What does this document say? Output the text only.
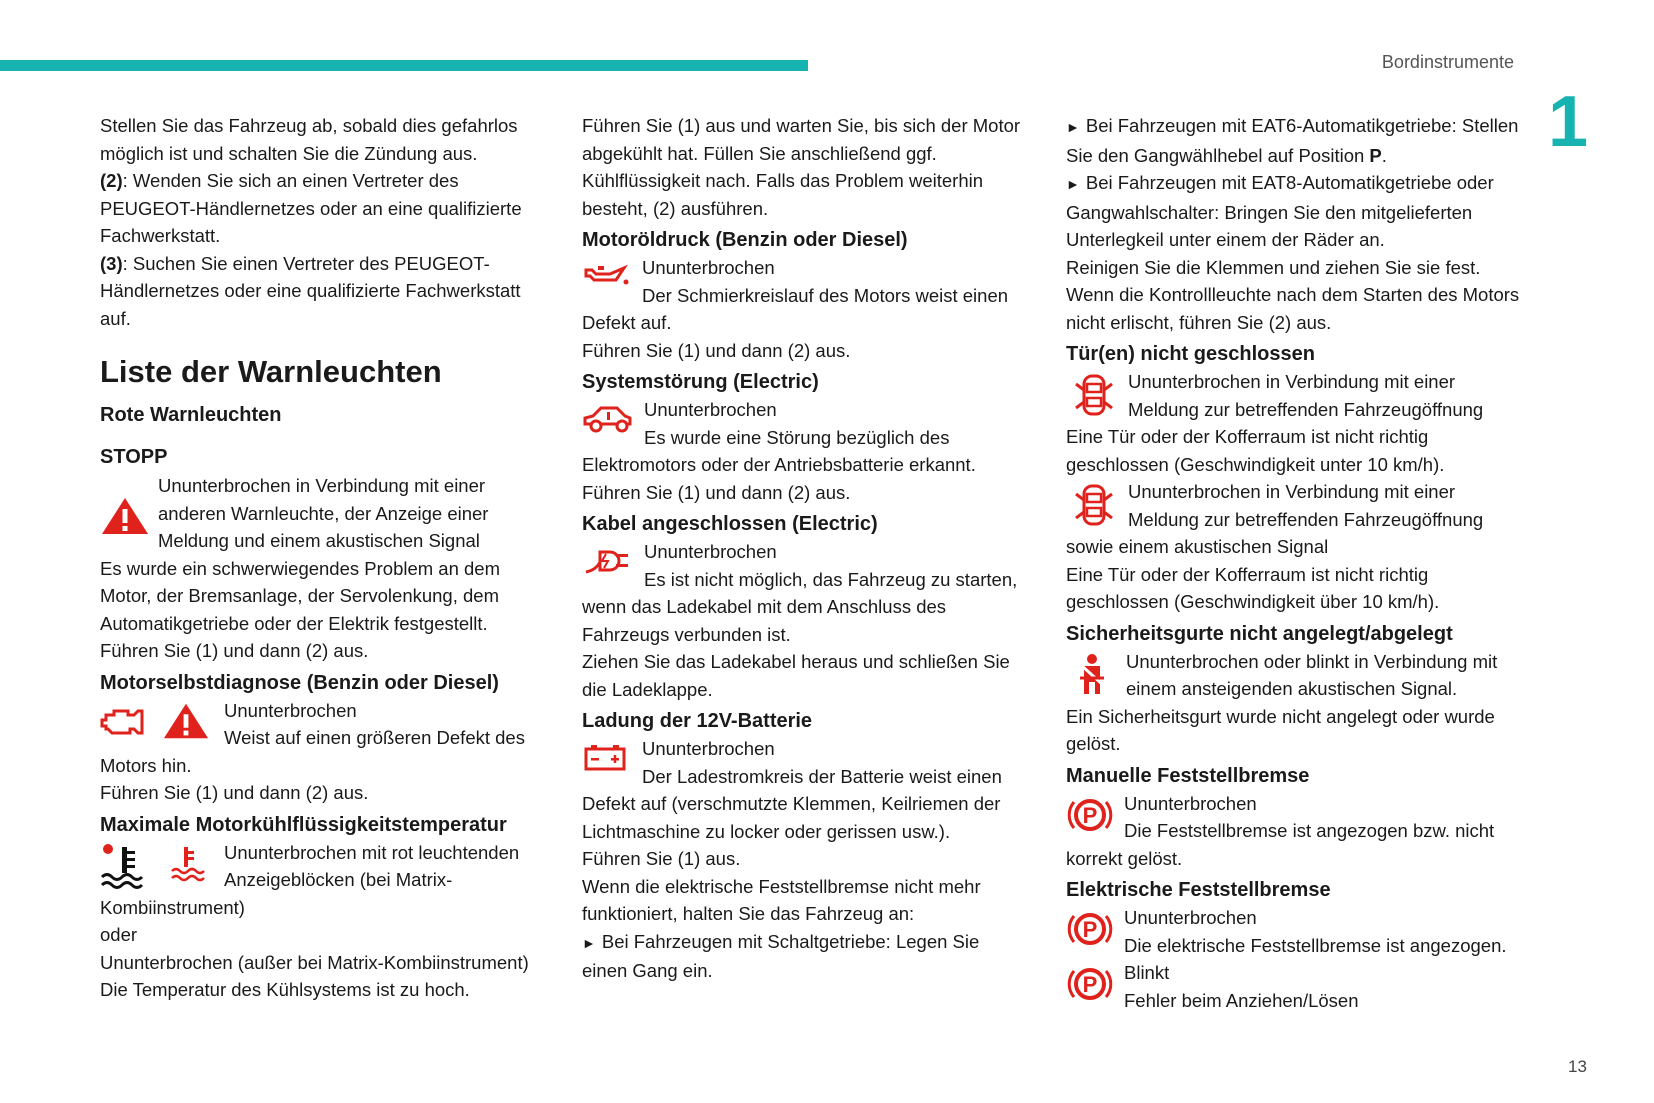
Bordinstrumente
1
13

Stellen Sie das Fahrzeug ab, sobald dies gefahrlos möglich ist und schalten Sie die Zündung aus.

(2): Wenden Sie sich an einen Vertreter des PEUGEOT-Händlernetzes oder an eine qualifizierte Fachwerkstatt.

(3): Suchen Sie einen Vertreter des PEUGEOT-Händlernetzes oder eine qualifizierte Fachwerkstatt auf.

Liste der Warnleuchten
Rote Warnleuchten
STOPP

Ununterbrochen in Verbindung mit einer anderen Warnleuchte, der Anzeige einer Meldung und einem akustischen Signal

Es wurde ein schwerwiegendes Problem an dem Motor, der Bremsanlage, der Servolenkung, dem Automatikgetriebe oder der Elektrik festgestellt.

Führen Sie (1) und dann (2) aus.

Motorselbstdiagnose (Benzin oder Diesel)

Ununterbrochen

Weist auf einen größeren Defekt des Motors hin.

Führen Sie (1) und dann (2) aus.

Maximale Motorkühlflüssigkeitstemperatur

Ununterbrochen mit rot leuchtenden Anzeigeblöcken (bei Matrix-Kombiinstrument)

oder

Ununterbrochen (außer bei Matrix-Kombiinstrument)

Die Temperatur des Kühlsystems ist zu hoch.

Führen Sie (1) aus und warten Sie, bis sich der Motor abgekühlt hat. Füllen Sie anschließend ggf. Kühlflüssigkeit nach. Falls das Problem weiterhin besteht, (2) ausführen.

Motoröldruck (Benzin oder Diesel)

Ununterbrochen

Der Schmierkreislauf des Motors weist einen Defekt auf.

Führen Sie (1) und dann (2) aus.

Systemstörung (Electric)

Ununterbrochen

Es wurde eine Störung bezüglich des Elektromotors oder der Antriebsbatterie erkannt.

Führen Sie (1) und dann (2) aus.

Kabel angeschlossen (Electric)

Ununterbrochen

Es ist nicht möglich, das Fahrzeug zu starten, wenn das Ladekabel mit dem Anschluss des Fahrzeugs verbunden ist.

Ziehen Sie das Ladekabel heraus und schließen Sie die Ladeklappe.

Ladung der 12V-Batterie

Ununterbrochen

Der Ladestromkreis der Batterie weist einen Defekt auf (verschmutzte Klemmen, Keilriemen der Lichtmaschine zu locker oder gerissen usw.).

Führen Sie (1) aus.

Wenn die elektrische Feststellbremse nicht mehr funktioniert, halten Sie das Fahrzeug an:

► Bei Fahrzeugen mit Schaltgetriebe: Legen Sie einen Gang ein.

► Bei Fahrzeugen mit EAT6-Automatikgetriebe: Stellen Sie den Gangwählhebel auf Position P.

► Bei Fahrzeugen mit EAT8-Automatikgetriebe oder Gangwahlschalter: Bringen Sie den mitgelieferten Unterlegkeil unter einem der Räder an.

Reinigen Sie die Klemmen und ziehen Sie sie fest.

Wenn die Kontrollleuchte nach dem Starten des Motors nicht erlischt, führen Sie (2) aus.

Tür(en) nicht geschlossen

Ununterbrochen in Verbindung mit einer Meldung zur betreffenden Fahrzeugöffnung

Eine Tür oder der Kofferraum ist nicht richtig geschlossen (Geschwindigkeit unter 10 km/h).

Ununterbrochen in Verbindung mit einer Meldung zur betreffenden Fahrzeugöffnung sowie einem akustischen Signal

Eine Tür oder der Kofferraum ist nicht richtig geschlossen (Geschwindigkeit über 10 km/h).

Sicherheitsgurte nicht angelegt/abgelegt

Ununterbrochen oder blinkt in Verbindung mit einem ansteigenden akustischen Signal.

Ein Sicherheitsgurt wurde nicht angelegt oder wurde gelöst.

Manuelle Feststellbremse
P	Ununterbrochen

Die Feststellbremse ist angezogen bzw. nicht korrekt gelöst.

Elektrische Feststellbremse
P	Ununterbrochen

Die elektrische Feststellbremse ist angezogen.

P	Blinkt

Fehler beim Anziehen/Lösen
